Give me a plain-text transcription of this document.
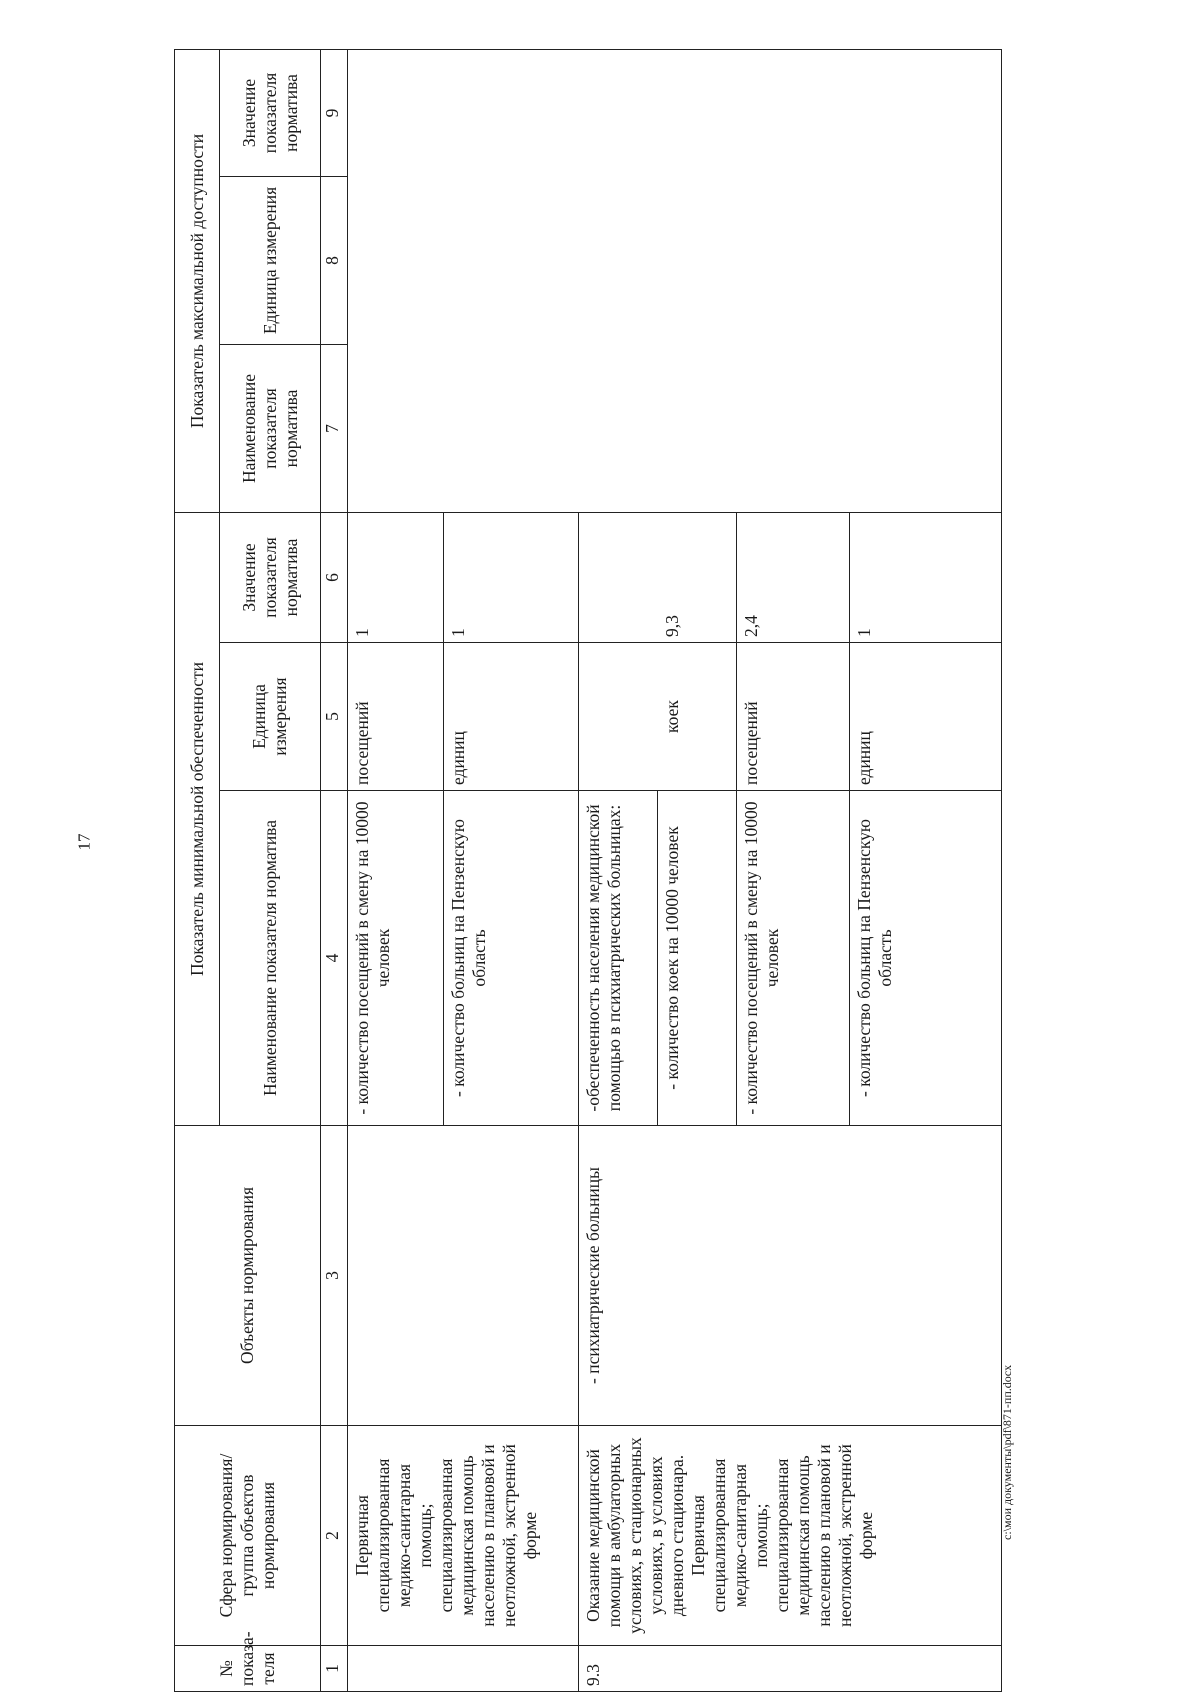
17
№ показа-теля	Сфера нормирования/ группа объектов нормирования	Объекты нормирования	Показатель минимальной обеспеченности			Показатель максимальной доступности		
			Наименование показателя норматива	Единица измерения	Значение показателя норматива	Наименование показателя норматива	Единица измерения	Значение показателя норматива
1	2	3	4	5	6	7	8	9
	Первичная специализированная медико-санитарная помощь; специализированная медицинская помощь населению в плановой и неотложной, экстренной форме		- количество посещений в смену на 10000 человек	посещений	1			
			- количество больниц на Пензенскую область	единиц	1			
9.3	Оказание медицинской помощи в амбулаторных условиях, в стационарных условиях, в условиях дневного стационара. Первичная специализированная медико-санитарная помощь; специализированная медицинская помощь населению в плановой и неотложной, экстренной форме	- психиатрические больницы	-обеспеченность населения медицинской помощью в психиатрических больницах:					
			- количество коек на 10000 человек	коек	9,3			
			- количество посещений в смену на 10000 человек	посещений	2,4			
			- количество больниц на Пензенскую область	единиц	1			
c:\мои документы\pdf\871-пп.docx
